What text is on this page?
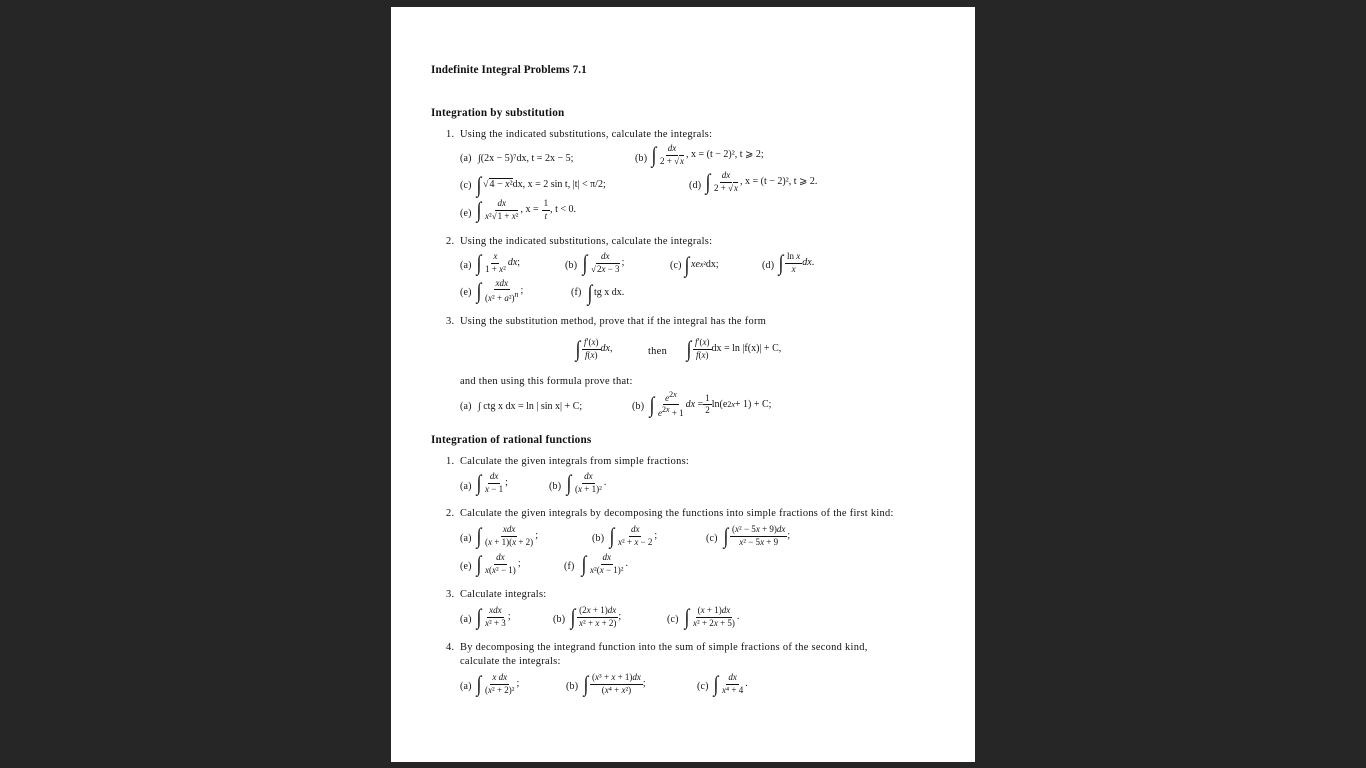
Indefinite Integral Problems 7.1
Integration by substitution
1. Using the indicated substitutions, calculate the integrals:
(a) ∫(2x − 5)⁷dx, t = 2x − 5;	(b) ∫ $\frac{dx}{2 + √x}$ , x = (t − 2)², t ⩾ 2;
(c) ∫ √4 − x² dx, x = 2 sin t, |t| < π/2;	(d) ∫ $\frac{dx}{2 + √x}$ , x = (t − 2)², t ⩾ 2.
(e) ∫ $\frac{dx}{\text{x²√1 + x²}}$ , $x = \frac{1}{t}$ , t < 0.
2. Using the indicated substitutions, calculate the integrals:
(a) ∫ $\frac{x}{\text{1 + x²}}$ dx;	(b) ∫ $\frac{dx}{√2x - 3}$ ;	(c) ∫ xe x² dx;	(d) ∫ $\frac{\text{ln x}}{x}$ dx.
(e) ∫ $\frac{\text{xdx}}{(x^2 + a^2)^n}$ ;	(f) ∫ tg x dx.
3. Using the substitution method, prove that if the integral has the form
∫ $\frac{f'(x)}{f(x)}$ dx,	then ∫ $\frac{f'(x)}{f(x)}$ dx = ln |f(x)| + C,
and then using this formula prove that:
(a) ∫ ctg x dx = ln | sin x| + C;	(b) ∫ $\frac{e^{2x}}{e^{2x} + 1}$ dx = $\frac{1}{2} \ln(e$ 2x + 1) + C;
Integration of rational functions
1. Calculate the given integrals from simple fractions:
(a) ∫ $\frac{dx}{x - 1}$ ;	(b) ∫ $\frac{dx}{\text{(x + 1)²}}$ .
2. Calculate the given integrals by decomposing the functions into simple fractions of the first kind:
(a) ∫ $\frac{\text{xdx}}{(x + 1)(x + 2)}$ ;	(b) ∫ $\frac{dx}{\text{x² + x − 2}}$ ;	(c) ∫ $\frac{\text{(x² − 5x + 9)dx}}{\text{x² − 5x + 9}}$ ;
(e) ∫ $\frac{dx}{\text{x(x² − 1)}}$ ;	(f) ∫ $\frac{dx}{\text{x²(x − 1)²}}$ .
3. Calculate integrals:
(a) ∫ $\frac{\text{xdx}}{\text{x² + 3}}$ ;	(b) ∫ $\frac{(2x + 1)dx}{\text{x² + x + 2)}}$ ;	(c) ∫ $\frac{(x + 1)dx}{\text{x² + 2x + 5)}}$ .
4. By decomposing the integrand function into the sum of simple fractions of the second kind,
calculate the integrals:
(a) ∫ $\frac{\text{x dx}}{\text{(x² + 2)²}}$ ;	(b) ∫ $\frac{\text{(x³ + x + 1)dx}}{\text{(x⁴ + x²)}}$ ;	(c) ∫ $\frac{dx}{\text{x⁴ + 4}}$ .
